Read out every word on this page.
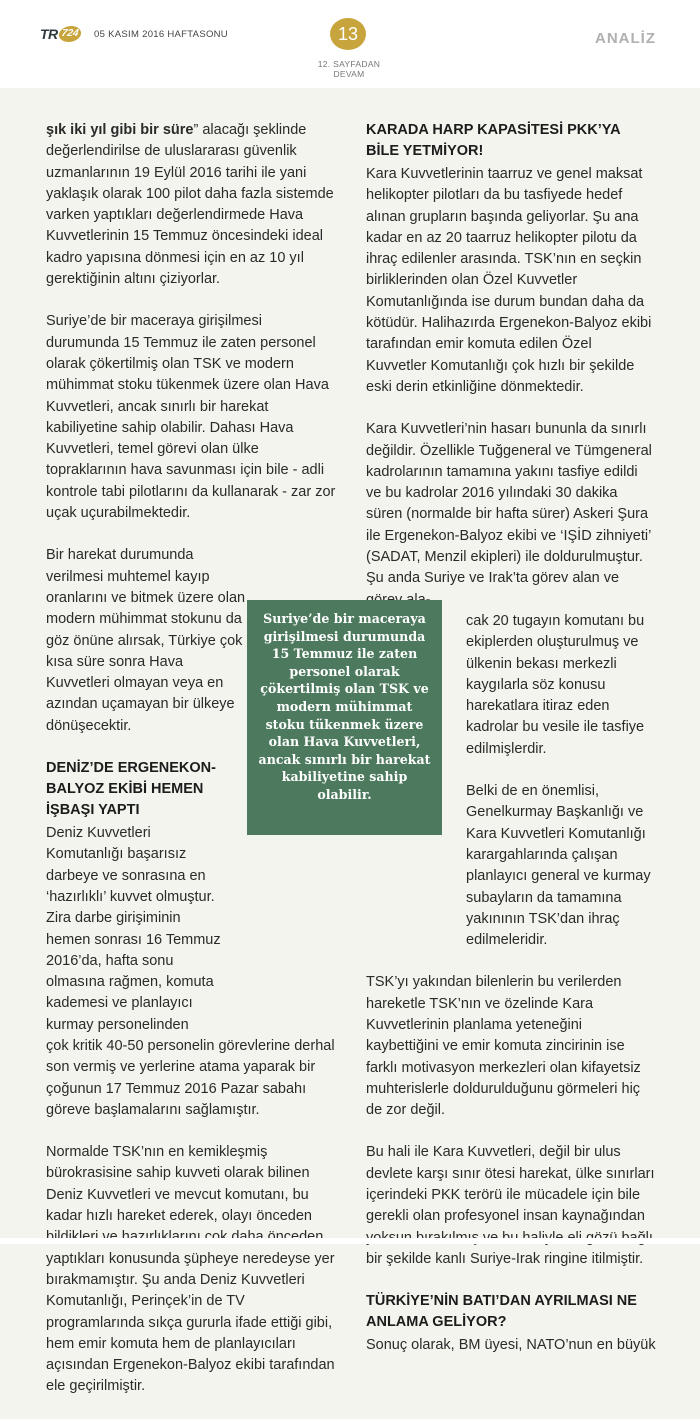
TR 724	05 KASIM 2016 HAFTASONU	13
12. SAYFADAN DEVAM
ANALİZ

şık iki yıl gibi bir süre” alacağı şeklinde değerlendirilse de uluslararası güvenlik uzmanlarının 19 Eylül 2016 tarihi ile yani yaklaşık olarak 100 pilot daha fazla sistemde varken yaptıkları değerlendirmede Hava Kuvvetlerinin 15 Temmuz öncesindeki ideal kadro yapısına dönmesi için en az 10 yıl gerektiğinin altını çiziyorlar.

Suriye’de bir maceraya girişilmesi durumunda 15 Temmuz ile zaten personel olarak çökertilmiş olan TSK ve modern mühimmat stoku tükenmek üzere olan Hava Kuvvetleri, ancak sınırlı bir harekat kabiliyetine sahip olabilir. Dahası Hava Kuvvetleri, temel görevi olan ülke topraklarının hava savunması için bile - adli kontrole tabi pilotlarını da kullanarak - zar zor uçak uçurabilmektedir.

Bir harekat durumunda verilmesi muhtemel kayıp oranlarını ve bitmek üzere olan modern mühimmat stokunu da göz önüne alırsak, Türkiye çok kısa süre sonra Hava Kuvvetleri olmayan veya en azından uçamayan bir ülkeye dönüşecektir.

DENİZ’DE ERGENEKON-BALYOZ EKİBİ HEMEN İŞBAŞI YAPTI
Deniz Kuvvetleri Komutanlığı başarısız darbeye ve sonrasına en ‘hazırlıklı’ kuvvet olmuştur. Zira darbe girişiminin hemen sonrası 16 Temmuz 2016’da, hafta sonu olmasına rağmen, komuta kademesi ve planlayıcı kurmay personelinden

çok kritik 40-50 personelin görevlerine derhal son vermiş ve yerlerine atama yaparak bir çoğunun 17 Temmuz 2016 Pazar sabahı göreve başlamalarını sağlamıştır.

Normalde TSK’nın en kemikleşmiş bürokrasisine sahip kuvveti olarak bilinen Deniz Kuvvetleri ve mevcut komutanı, bu kadar hızlı hareket ederek, olayı önceden yaptıkları konusunda şüpheye neredeyse yer bırakmamıştır. Şu anda Deniz Kuvvetleri Komutanlığı, Perinçek’in de TV programlarında sıkça gururla ifade ettiği gibi, hem emir komuta hem de planlayıcıları açısından Ergenekon-Balyoz ekibi tarafından ele geçirilmiştir.

KARADA HARP KAPASİTESİ PKK’YA BİLE YETMİYOR!

Kara Kuvvetlerinin taarruz ve genel maksat helikopter pilotları da bu tasfiyede hedef alınan grupların başında geliyorlar. Şu ana kadar en az 20 taarruz helikopter pilotu da ihraç edilenler arasında. TSK’nın en seçkin birliklerinden olan Özel Kuvvetler Komutanlığında ise durum bundan daha da kötüdür. Halihazırda Ergenekon-Balyoz ekibi tarafından emir komuta edilen Özel Kuvvetler Komutanlığı çok hızlı bir şekilde eski derin etkinliğine dönmektedir.

Kara Kuvvetleri’nin hasarı bununla da sınırlı değildir. Özellikle Tuğgeneral ve Tümgeneral kadrolarının tamamına yakını tasfiye edildi ve bu kadrolar 2016 yılındaki 30 dakika süren (normalde bir hafta sürer) Askeri Şura ile Ergenekon-Balyoz ekibi ve ‘IŞİD zihniyeti’ (SADAT, Menzil ekipleri) ile doldurulmuştur. Şu anda Suriye ve Irak’ta görev alan ve

cak 20 tugayın komutanı bu ekiplerden oluşturulmuş ve ülkenin bekası merkezli kaygılarla söz konusu harekatlara itiraz eden kadrolar bu vesile ile tasfiye edilmişlerdir.

Belki de en önemlisi, Genelkurmay Başkanlığı ve Kara Kuvvetleri Komutanlığı karargahlarında çalışan planlayıcı general ve kurmay subayların da tamamına yakınının TSK’dan ihraç edilmeleridir.

TSK’yı yakından bilenlerin bu verilerden hareketle TSK’nın ve özelinde Kara Kuvvetlerinin planlama yeteneğini kaybettiğini ve emir komuta zincirinin ise farklı motivasyon merkezleri olan kifayetsiz muhterislerle doldurulduğunu görmeleri hiç de zor değil.

Bu hali ile Kara Kuvvetleri, değil bir ulus devlete karşı sınır ötesi harekat, ülke sınırları içerindeki PKK terörü ile mücadele için bile gerekli olan profesyonel insan kaynağından bir şekilde kanlı Suriye-Irak ringine itilmiştir.

TÜRKİYE’NİN BATI’DAN AYRILMASI NE ANLAMA GELİYOR?
Sonuç olarak, BM üyesi, NATO’nun en büyük
Suriye’de bir maceraya girişilmesi durumunda 15 Temmuz ile zaten personel olarak çökertilmiş olan TSK ve modern mühimmat stoku tükenmek üzere olan Hava Kuvvetleri, ancak sınırlı bir harekat kabiliyetine sahip olabilir.
